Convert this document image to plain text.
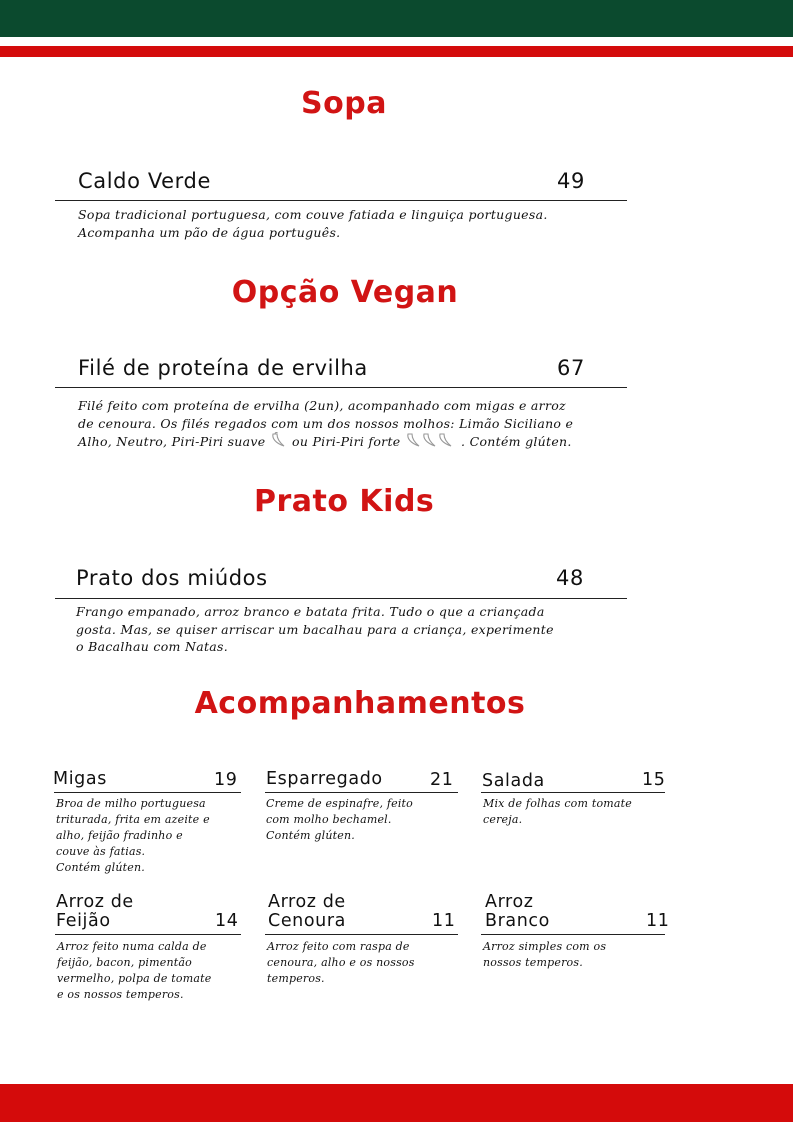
Sopa
Caldo Verde	49
Sopa tradicional portuguesa, com couve fatiada e linguiça portuguesa.
Acompanha um pão de água português.
Opção Vegan
Filé de proteína de ervilha	67
Filé feito com proteína de ervilha (2un), acompanhado com migas e arroz
de cenoura. Os filés regados com um dos nossos molhos: Limão Siciliano e
Alho, Neutro, Piri-Piri suave ou Piri-Piri forte	. Contém glúten.
Prato Kids
Prato dos miúdos	48
Frango empanado, arroz branco e batata frita. Tudo o que a criançada
gosta. Mas, se quiser arriscar um bacalhau para a criança, experimente
o Bacalhau com Natas.
Acompanhamentos
Migas	19
Broa de milho portuguesa
triturada, frita em azeite e
alho, feijão fradinho e
couve às fatias.
Contém glúten.
Esparregado	21
Creme de espinafre, feito
com molho bechamel.
Contém glúten.
Salada	15
Mix de folhas com tomate
cereja.
Arroz de
Feijão	14
Arroz feito numa calda de
feijão, bacon, pimentão
vermelho, polpa de tomate
e os nossos temperos.
Arroz de
Cenoura	11
Arroz feito com raspa de
cenoura, alho e os nossos
temperos.
Arroz
Branco	11
Arroz simples com os
nossos temperos.
